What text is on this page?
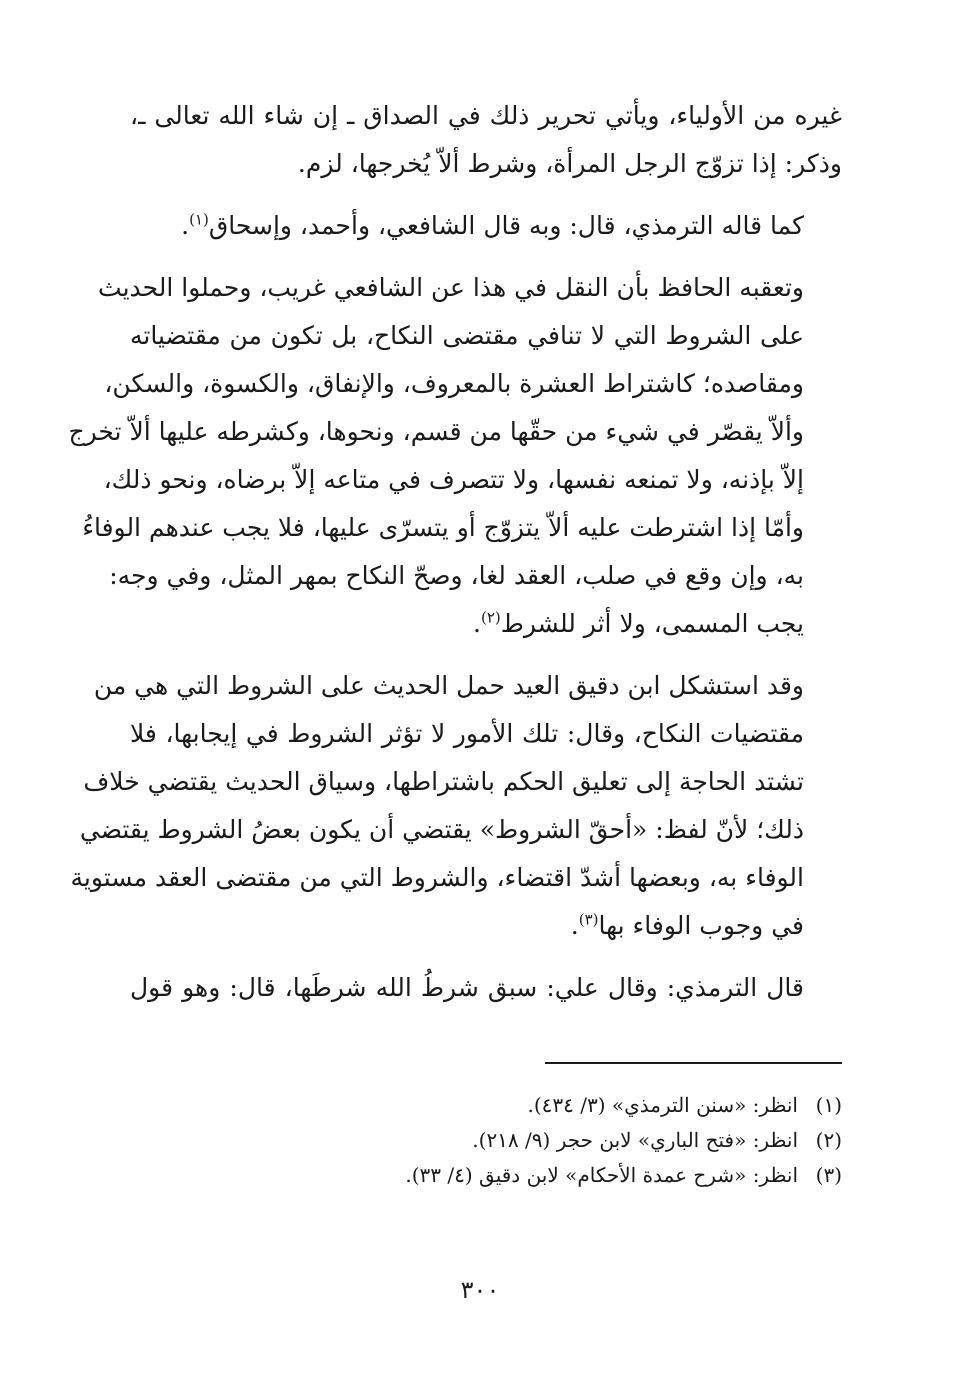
غيره من الأولياء، ويأتي تحرير ذلك في الصداق ـ إن شاء الله تعالى ـ،
وذكر: إذا تزوّج الرجل المرأة، وشرط ألاّ يُخرجها، لزم.

كما قاله الترمذي، قال: وبه قال الشافعي، وأحمد، وإسحاق$^{(١)}$.

وتعقبه الحافظ بأن النقل في هذا عن الشافعي غريب، وحملوا الحديث
على الشروط التي لا تنافي مقتضى النكاح، بل تكون من مقتضياته
ومقاصده؛ كاشتراط العشرة بالمعروف، والإنفاق، والكسوة، والسكن،
وألاّ يقصّر في شيء من حقّها من قسم، ونحوها، وكشرطه عليها ألاّ تخرج
إلاّ بإذنه، ولا تمنعه نفسها، ولا تتصرف في متاعه إلاّ برضاه، ونحو ذلك،
وأمّا إذا اشترطت عليه ألاّ يتزوّج أو يتسرّى عليها، فلا يجب عندهم الوفاءُ
به، وإن وقع في صلب، العقد لغا، وصحّ النكاح بمهر المثل، وفي وجه:
يجب المسمى، ولا أثر للشرط$^{(٢)}$.

وقد استشكل ابن دقيق العيد حمل الحديث على الشروط التي هي من
مقتضيات النكاح، وقال: تلك الأمور لا تؤثر الشروط في إيجابها، فلا
تشتد الحاجة إلى تعليق الحكم باشتراطها، وسياق الحديث يقتضي خلاف
ذلك؛ لأنّ لفظ: «أحقّ الشروط» يقتضي أن يكون بعضُ الشروط يقتضي
الوفاء به، وبعضها أشدّ اقتضاء، والشروط التي من مقتضى العقد مستوية
في وجوب الوفاء بها$^{(٣)}$.

قال الترمذي: وقال علي: سبق شرطُ الله شرطَها، قال: وهو قول

(١)انظر: «سنن الترمذي» (٣/ ٤٣٤).
(٢)انظر: «فتح الباري» لابن حجر (٩/ ٢١٨).
(٣)انظر: «شرح عمدة الأحكام» لابن دقيق (٤/ ٣٣).
٣٠٠
